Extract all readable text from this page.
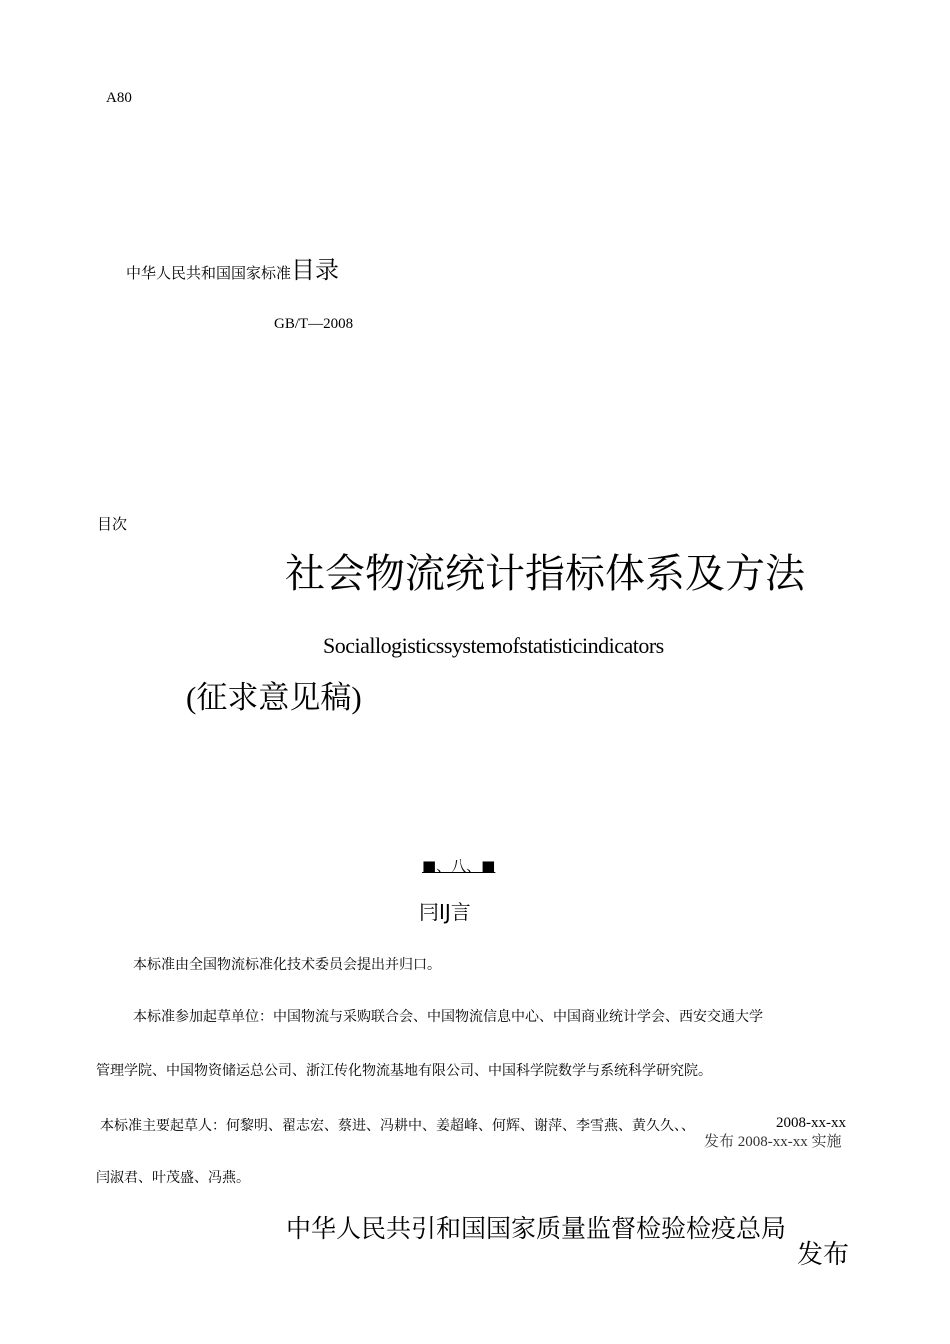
A80
中华人民共和国国家标准目录
GB/T—2008
目次
社会物流统计指标体系及方法
Sociallogisticssystemofstatisticindicators
(征求意见稿)
■、八、■
冃IJ言
本标准由全国物流标准化技术委员会提出并归口。
本标准参加起草单位：中国物流与采购联合会、中国物流信息中心、中国商业统计学会、西安交通大学
管理学院、中国物资储运总公司、浙江传化物流基地有限公司、中国科学院数学与系统科学研究院。
本标准主要起草人：何黎明、翟志宏、蔡进、冯耕中、姜超峰、何辉、谢萍、李雪燕、黄久久、、	2008-xx-xx
发布 2008-xx-xx 实施
闫淑君、叶茂盛、冯燕。
中华人民共引和国国家质量监督检验检疫总局
发布
